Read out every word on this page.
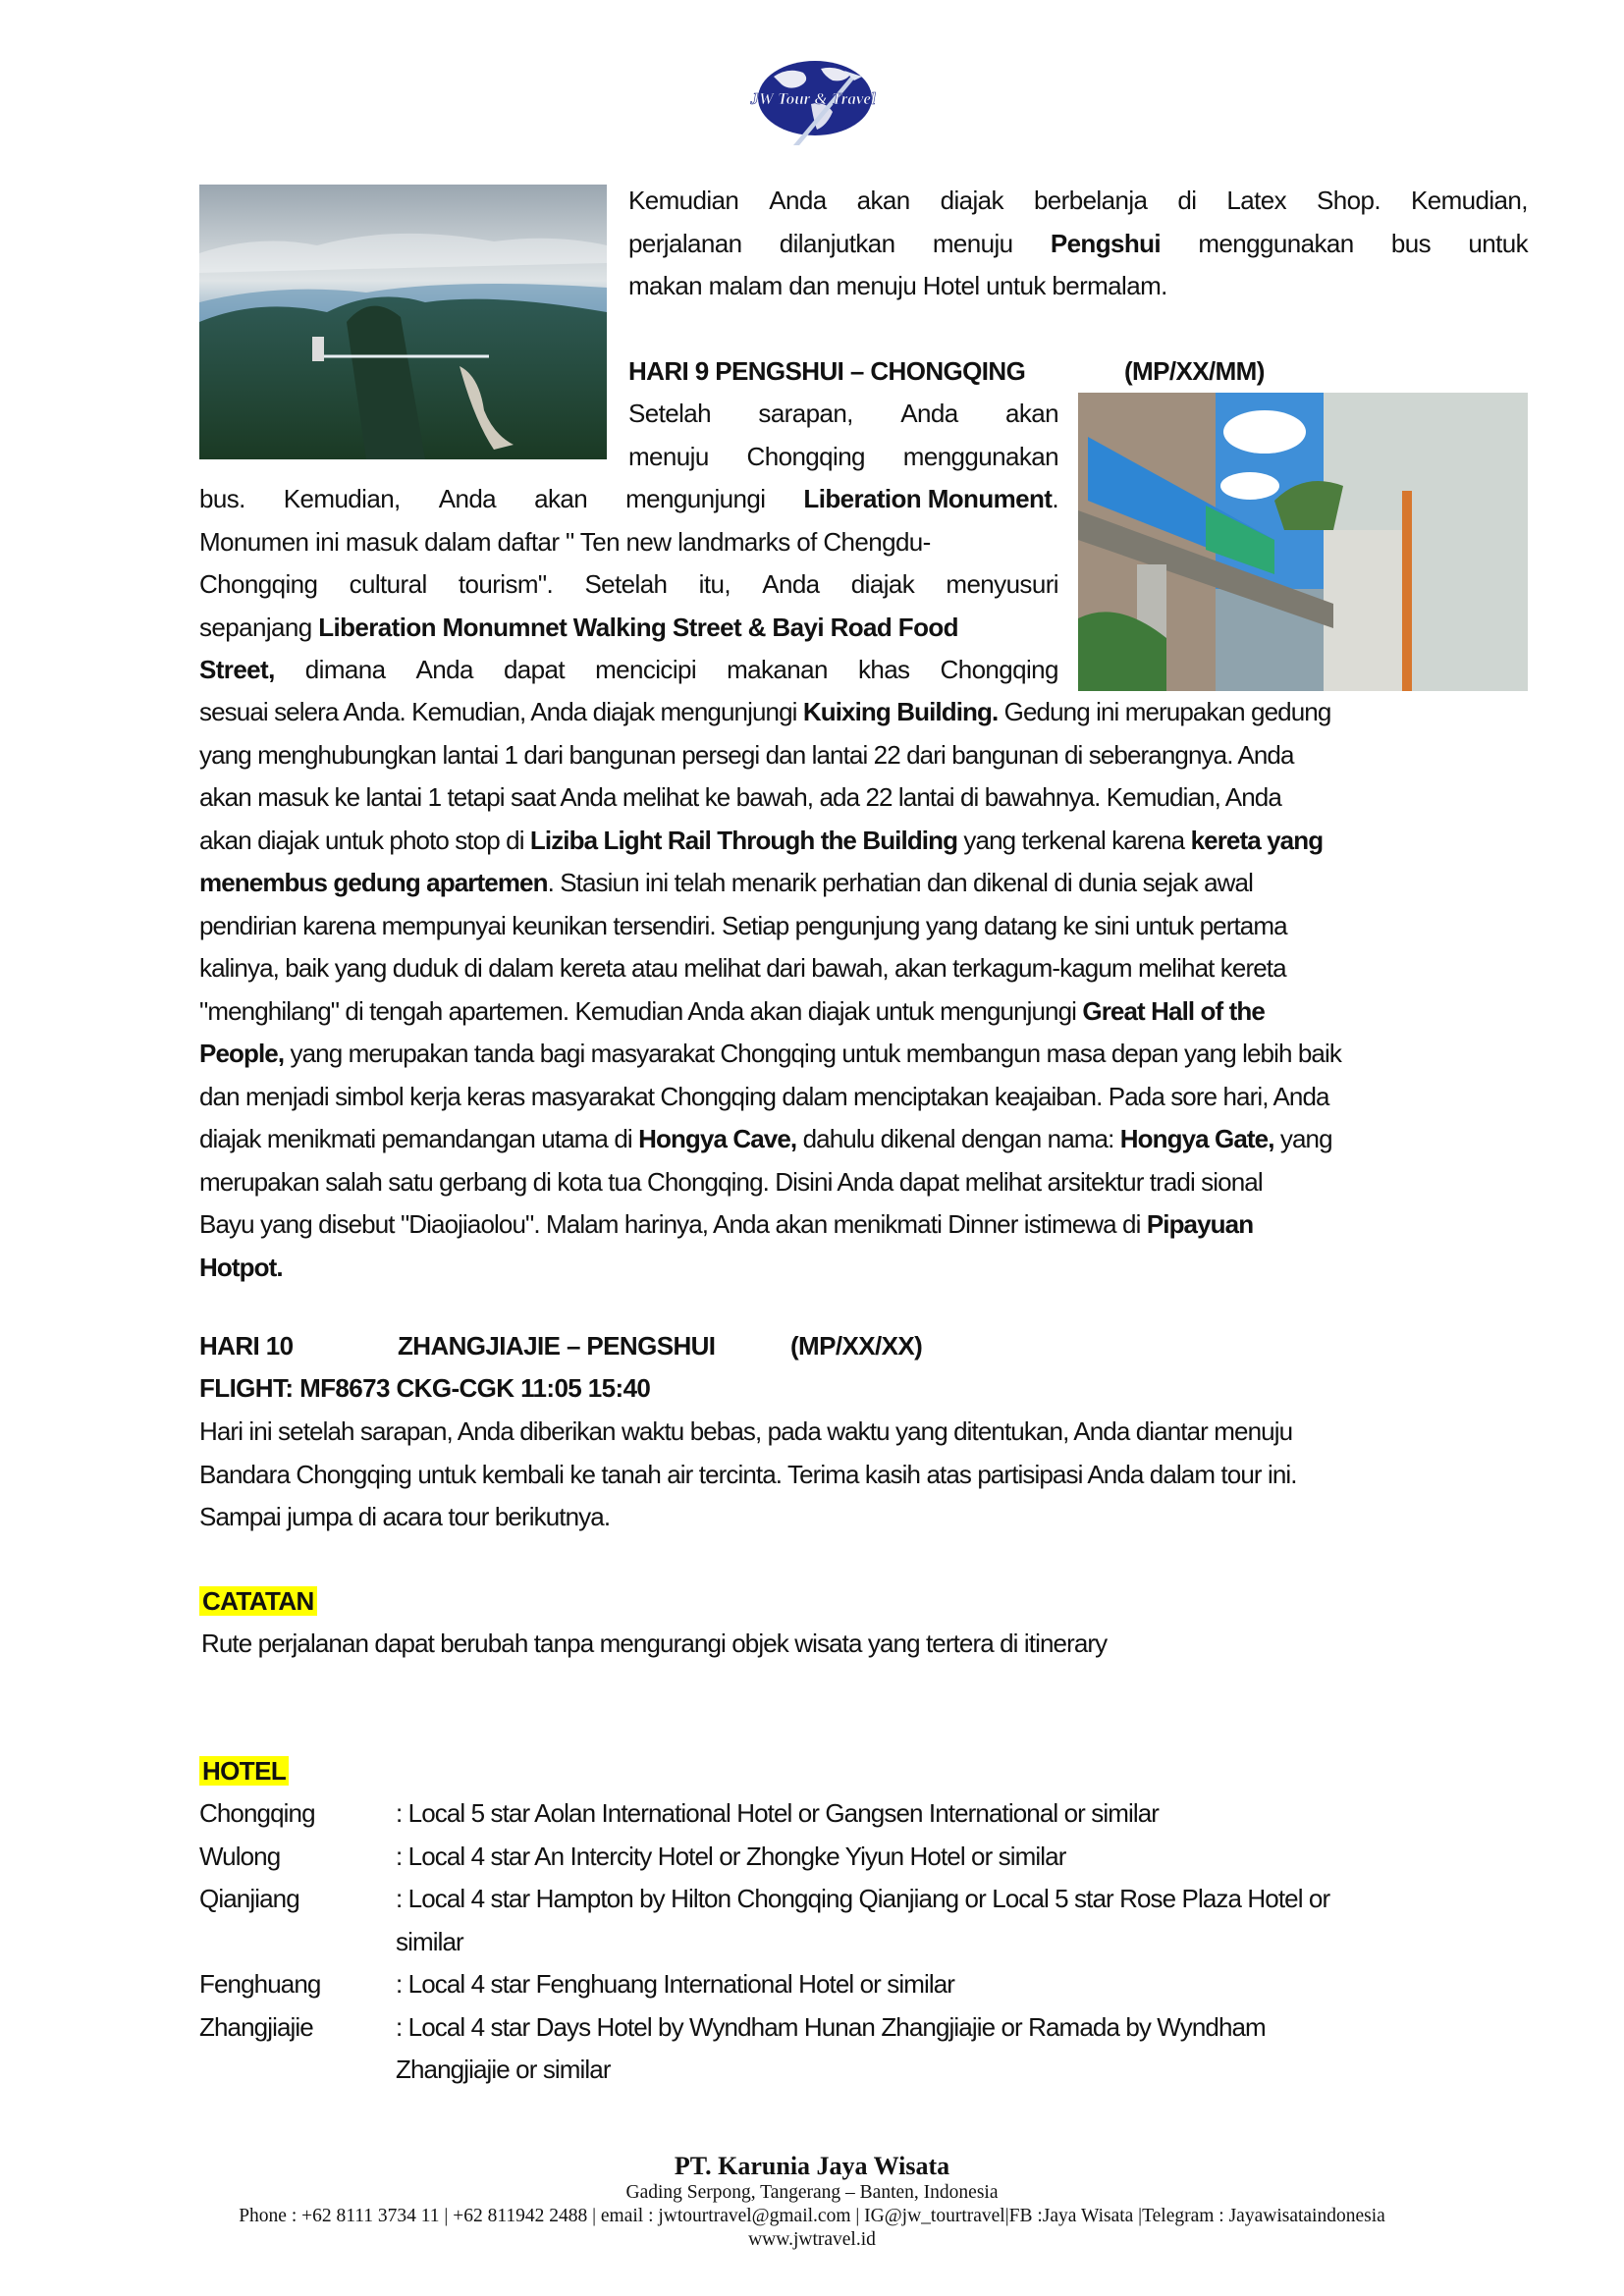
JW Tour & Travel
Kemudian Anda akan diajak berbelanja di Latex Shop. Kemudian,
perjalanan dilanjutkan menuju Pengshui menggunakan bus untuk
makan malam dan menuju Hotel untuk bermalam.
HARI 9 PENGSHUI – CHONGQING	(MP/XX/MM)
Setelah sarapan, Anda akan
menuju Chongqing menggunakan
bus. Kemudian, Anda akan mengunjungi Liberation Monument.
Monumen ini masuk dalam daftar " Ten new landmarks of Chengdu-
Chongqing cultural tourism". Setelah itu, Anda diajak menyusuri
sepanjang Liberation Monumnet Walking Street & Bayi Road Food
Street, dimana Anda dapat mencicipi makanan khas Chongqing
sesuai selera Anda. Kemudian, Anda diajak mengunjungi Kuixing Building. Gedung ini merupakan gedung
yang menghubungkan lantai 1 dari bangunan persegi dan lantai 22 dari bangunan di seberangnya. Anda
akan masuk ke lantai 1 tetapi saat Anda melihat ke bawah, ada 22 lantai di bawahnya. Kemudian, Anda
akan diajak untuk photo stop di Liziba Light Rail Through the Building yang terkenal karena kereta yang
menembus gedung apartemen. Stasiun ini telah menarik perhatian dan dikenal di dunia sejak awal
pendirian karena mempunyai keunikan tersendiri. Setiap pengunjung yang datang ke sini untuk pertama
kalinya, baik yang duduk di dalam kereta atau melihat dari bawah, akan terkagum-kagum melihat kereta
"menghilang" di tengah apartemen. Kemudian Anda akan diajak untuk mengunjungi Great Hall of the
People, yang merupakan tanda bagi masyarakat Chongqing untuk membangun masa depan yang lebih baik
dan menjadi simbol kerja keras masyarakat Chongqing dalam menciptakan keajaiban. Pada sore hari, Anda
diajak menikmati pemandangan utama di Hongya Cave, dahulu dikenal dengan nama: Hongya Gate, yang
merupakan salah satu gerbang di kota tua Chongqing. Disini Anda dapat melihat arsitektur tradi sional
Bayu yang disebut "Diaojiaolou". Malam harinya, Anda akan menikmati Dinner istimewa di Pipayuan
Hotpot.
HARI 10	ZHANGJIAJIE – PENGSHUI	(MP/XX/XX)
FLIGHT: MF8673 CKG-CGK 11:05 15:40
Hari ini setelah sarapan, Anda diberikan waktu bebas, pada waktu yang ditentukan, Anda diantar menuju
Bandara Chongqing untuk kembali ke tanah air tercinta. Terima kasih atas partisipasi Anda dalam tour ini.
Sampai jumpa di acara tour berikutnya.
CATATAN
Rute perjalanan dapat berubah tanpa mengurangi objek wisata yang tertera di itinerary
HOTEL
Chongqing	: Local 5 star Aolan International Hotel or Gangsen International or similar
Wulong	: Local 4 star An Intercity Hotel or Zhongke Yiyun Hotel or similar
Qianjiang	: Local 4 star Hampton by Hilton Chongqing Qianjiang or Local 5 star Rose Plaza Hotel or
similar
Fenghuang	: Local 4 star Fenghuang International Hotel or similar
Zhangjiajie	: Local 4 star Days Hotel by Wyndham Hunan Zhangjiajie or Ramada by Wyndham
Zhangjiajie or similar
PT. Karunia Jaya Wisata
Gading Serpong, Tangerang – Banten, Indonesia
Phone : +62 8111 3734 11 | +62 811942 2488 | email : jwtourtravel@gmail.com | IG@jw_tourtravel|FB :Jaya Wisata |Telegram : Jayawisataindonesia
www.jwtravel.id
